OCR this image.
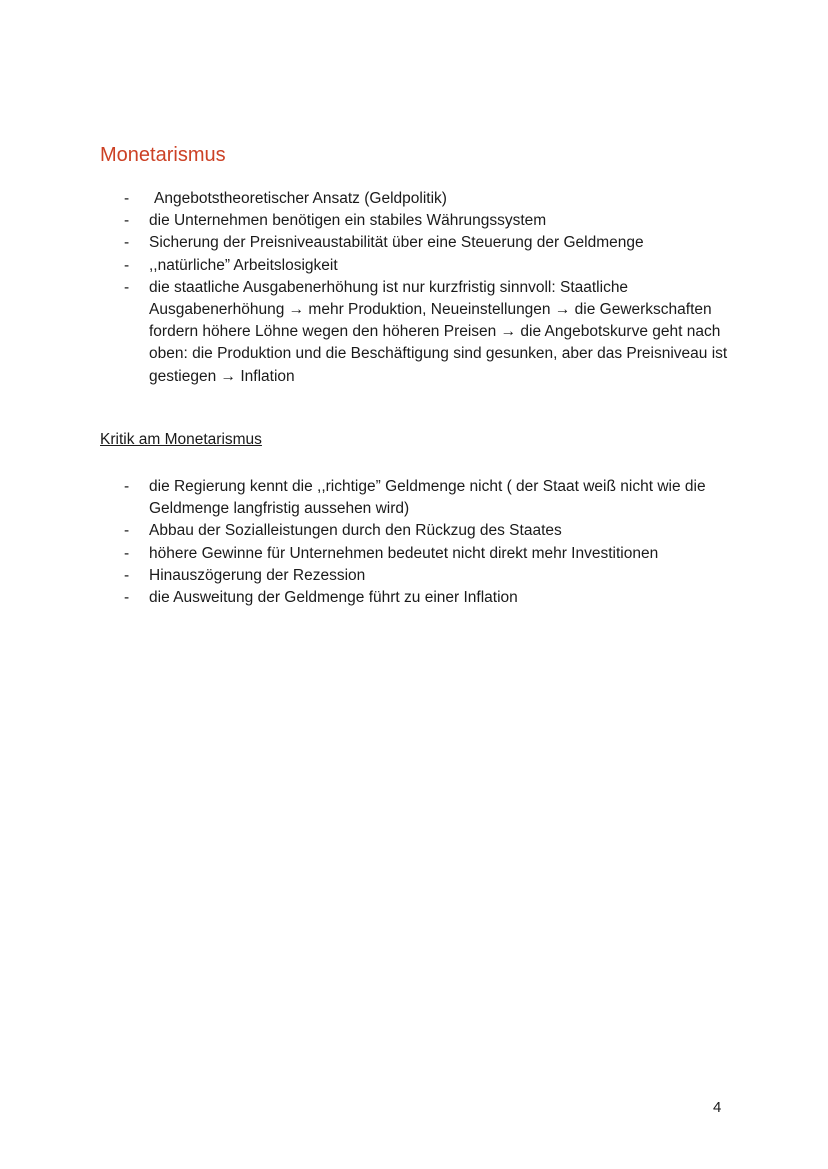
Monetarismus
- Angebotstheoretischer Ansatz (Geldpolitik)
- die Unternehmen benötigen ein stabiles Währungssystem
- Sicherung der Preisniveaustabilität über eine Steuerung der Geldmenge
- ,,natürliche” Arbeitslosigkeit
- die staatliche Ausgabenerhöhung ist nur kurzfristig sinnvoll: Staatliche Ausgabenerhöhung → mehr Produktion, Neueinstellungen → die Gewerkschaften fordern höhere Löhne wegen den höheren Preisen → die Angebotskurve geht nach oben: die Produktion und die Beschäftigung sind gesunken, aber das Preisniveau ist gestiegen → Inflation
Kritik am Monetarismus
- die Regierung kennt die ,,richtige” Geldmenge nicht ( der Staat weiß nicht wie die Geldmenge langfristig aussehen wird)
- Abbau der Sozialleistungen durch den Rückzug des Staates
- höhere Gewinne für Unternehmen bedeutet nicht direkt mehr Investitionen
- Hinauszögerung der Rezession
- die Ausweitung der Geldmenge führt zu einer Inflation
4
